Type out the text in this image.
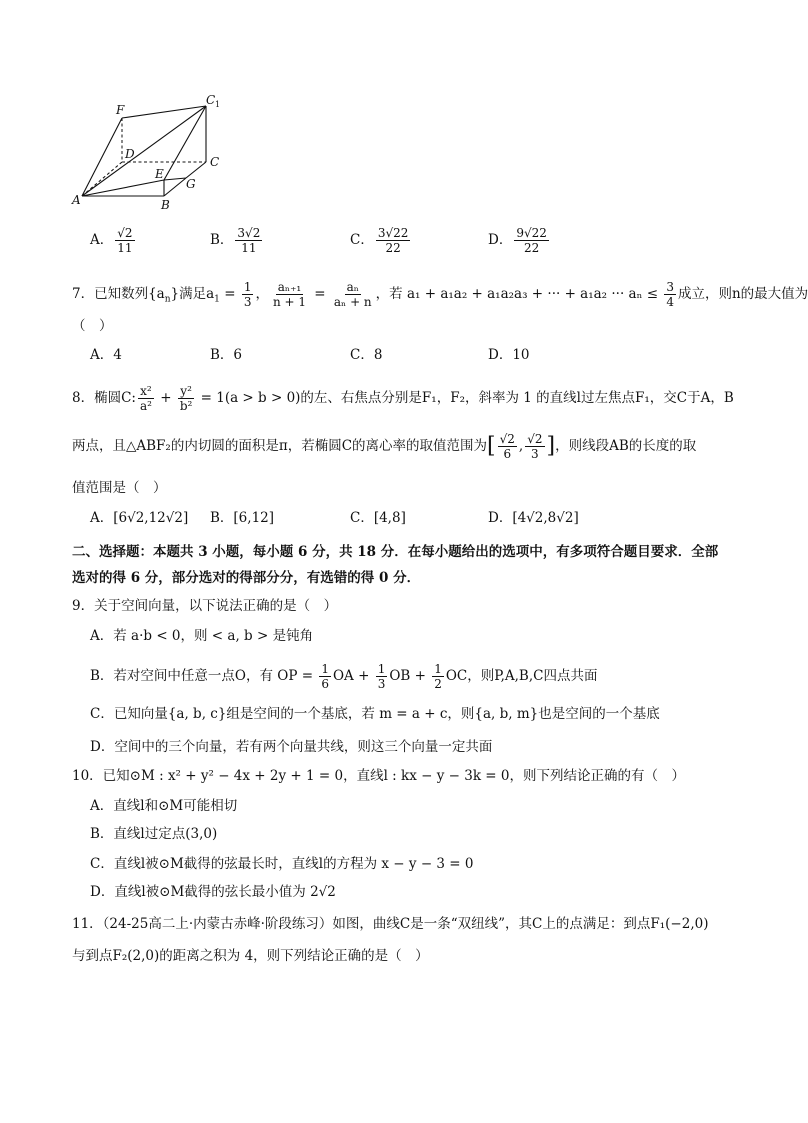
F
C 1
D
C
E
G
A	B
A． $\frac{√2}{11}$	B． $\frac{3√2}{11}$	C． $\frac{3√22}{22}$	D． $\frac{9√22}{22}$
7．已知数列$\{a_n\}$满足$a_1 = \frac{1}{3}$ ， $\frac{\text{aₙ₊₁}}{n + 1} = \frac{\text{aₙ}}{\text{aₙ + n}}$ ，若 a₁ + a₁a₂ + a₁a₂a₃ + ··· + a₁a₂ ··· $a_n \le \frac{3}{4}$ 成立，则n的最大值为
（　）
A．4	B．6	C．8	D．10
8．椭圆C: $\frac{\text{x²}}{\text{a²}} + \frac{\text{y²}}{\text{b²}} = 1(a > b > 0)$的左、右焦点分别是F₁，F₂，斜率为 1 的直线l过左焦点F₁，交C于A，B
两点，且△ABF₂的内切圆的面积是π，若椭圆C的离心率的取值范围为[ $\frac{√2}{6}$ , $\frac{√2}{3}$ ]，则线段AB的长度的取
值范围是（　）
A．[6√2,12√2] B．[6,12]	C．[4,8]	D．[4√2,8√2]
二、选择题：本题共 3 小题，每小题 6 分，共 18 分．在每小题给出的选项中，有多项符合题目要求．全部
选对的得 6 分，部分选对的得部分分，有选错的得 0 分．
9．关于空间向量，以下说法正确的是（　）
A．若 a·b < 0，则 < a, b > 是钝角
B．若对空间中任意一点O，有 OP = $\frac{1}{6}$ OA + $\frac{1}{3}$ OB + $\frac{1}{2}$ OC，则P,A,B,C四点共面
C．已知向量{a, b, c}组是空间的一个基底，若 m = a + c，则{a, b, m}也是空间的一个基底
D．空间中的三个向量，若有两个向量共线，则这三个向量一定共面
10．已知⊙M : x² + y² − 4x + 2y + 1 = 0，直线l : kx − y − 3k = 0，则下列结论正确的有（　）
A．直线l和⊙M可能相切
B．直线l过定点(3,0)
C．直线l被⊙M截得的弦最长时，直线l的方程为 x − y − 3 = 0
D．直线l被⊙M截得的弦长最小值为 2√2
11．（24-25高二上·内蒙古赤峰·阶段练习）如图，曲线C是一条“双纽线”，其C上的点满足：到点F₁(−2,0)
与到点F₂(2,0)的距离之积为 4，则下列结论正确的是（　）
